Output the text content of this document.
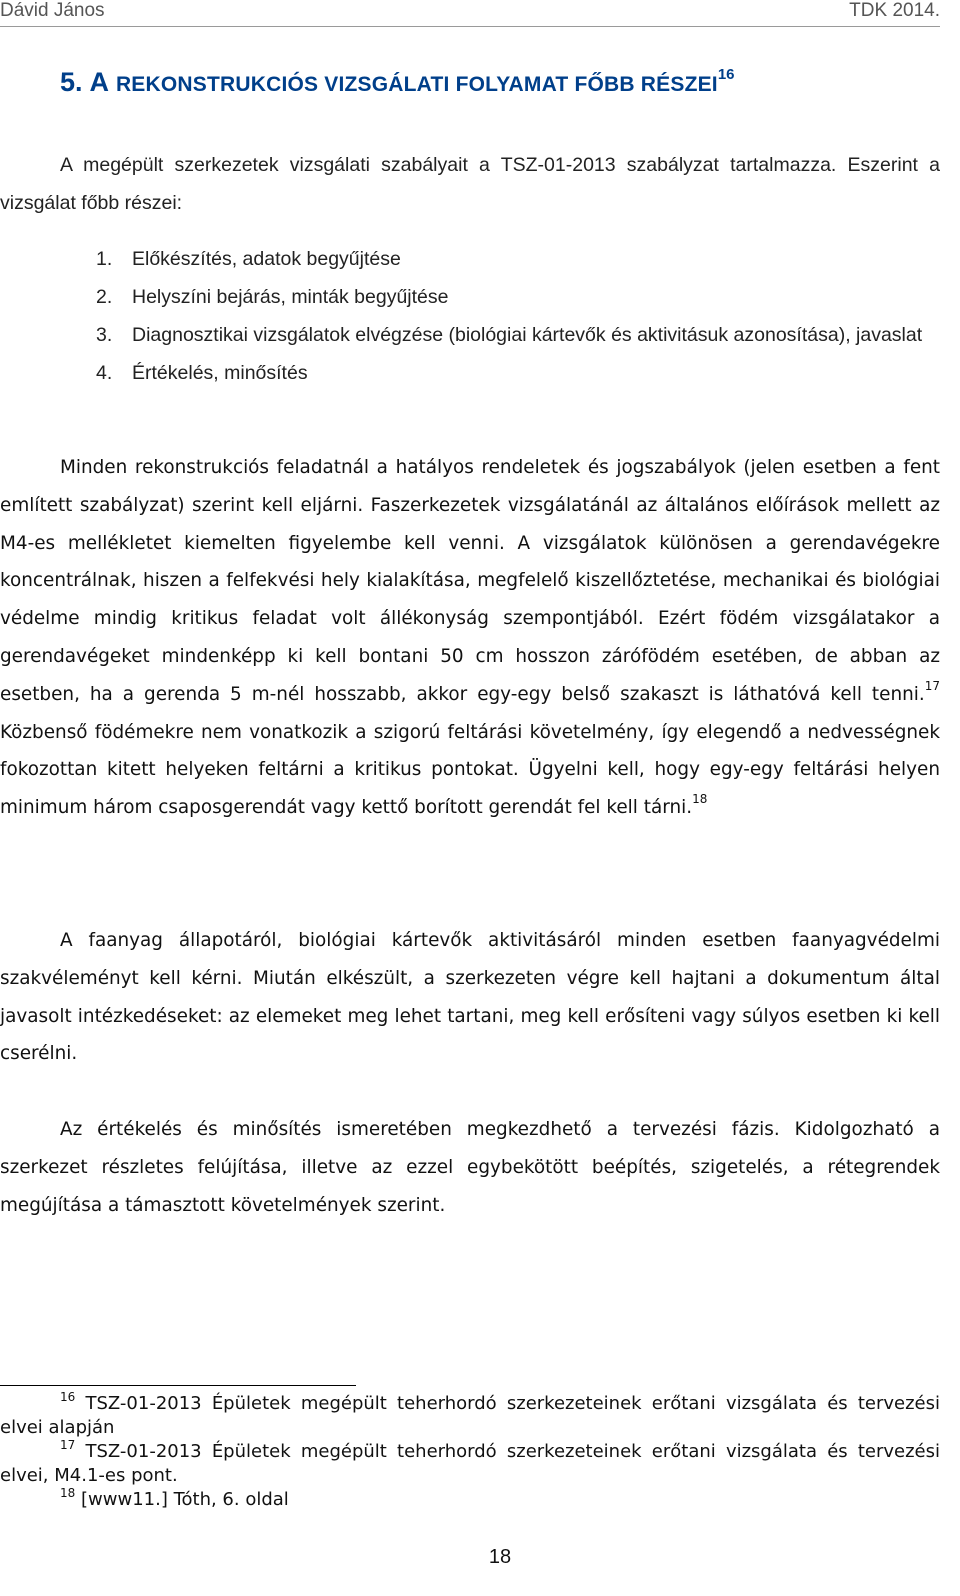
Dávid János	TDK 2014.
5. A REKONSTRUKCIÓS VIZSGÁLATI FOLYAMAT FŐBB RÉSZEI$^{16}$

A megépült szerkezetek vizsgálati szabályait a TSZ-01-2013 szabályzat tartalmazza. Eszerint a vizsgálat főbb részei:

1. Előkészítés, adatok begyűjtése
2. Helyszíni bejárás, minták begyűjtése
3. Diagnosztikai vizsgálatok elvégzése (biológiai kártevők és aktivitásuk azonosítása), javaslat
4. Értékelés, minősítés

Minden rekonstrukciós feladatnál a hatályos rendeletek és jogszabályok (jelen esetben a fent említett szabályzat) szerint kell eljárni. Faszerkezetek vizsgálatánál az általános előírások mellett az M4-es mellékletet kiemelten figyelembe kell venni. A vizsgálatok különösen a gerendavégekre koncentrálnak, hiszen a felfekvési hely kialakítása, megfelelő kiszellőztetése, mechanikai és biológiai védelme mindig kritikus feladat volt állékonyság szempontjából. Ezért födém vizsgálatakor a gerendavégeket mindenképp ki kell bontani 50 cm hosszon zárófödém esetében, de abban az esetben, ha a gerenda 5 m-nél hosszabb, akkor egy-egy belső szakaszt is láthatóvá kell tenni.$^{17}$ Közbenső födémekre nem vonatkozik a szigorú feltárási követelmény, így elegendő a nedvességnek fokozottan kitett helyeken feltárni a kritikus pontokat. Ügyelni kell, hogy egy-egy feltárási helyen minimum három csaposgerendát vagy kettő borított gerendát fel kell tárni.$^{18}$

A faanyag állapotáról, biológiai kártevők aktivitásáról minden esetben faanyagvédelmi szakvéleményt kell kérni. Miután elkészült, a szerkezeten végre kell hajtani a dokumentum által javasolt intézkedéseket: az elemeket meg lehet tartani, meg kell erősíteni vagy súlyos esetben ki kell cserélni.

Az értékelés és minősítés ismeretében megkezdhető a tervezési fázis. Kidolgozható a szerkezet részletes felújítása, illetve az ezzel egybekötött beépítés, szigetelés, a rétegrendek megújítása a támasztott követelmények szerint.

$^{16}$ TSZ-01-2013 Épületek megépült teherhordó szerkezeteinek erőtani vizsgálata és tervezési elvei alapján

$^{17}$ TSZ-01-2013 Épületek megépült teherhordó szerkezeteinek erőtani vizsgálata és tervezési elvei, M4.1-es pont.

$^{18}$ [www11.] Tóth, 6. oldal

18
